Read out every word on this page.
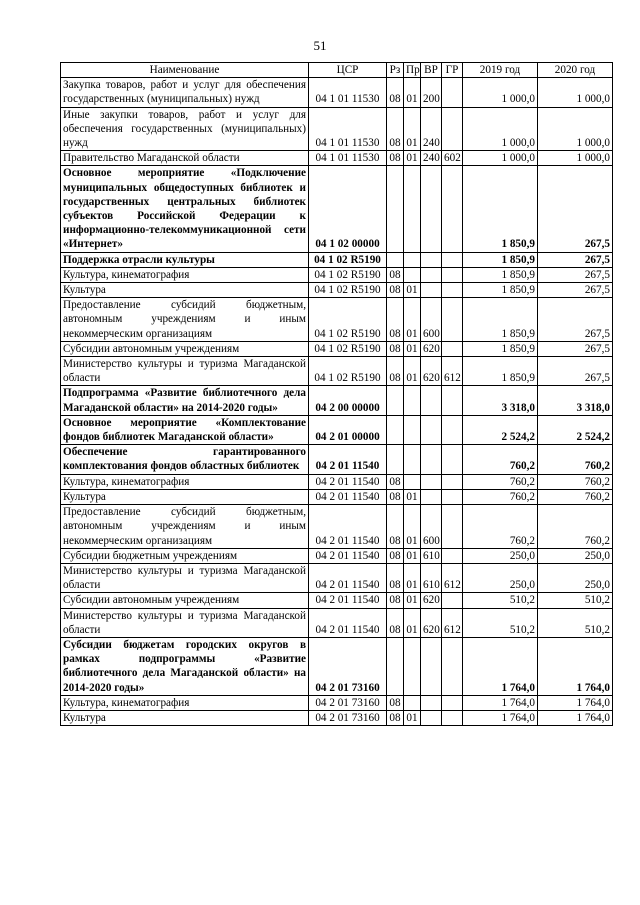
51
Наименование	ЦСР	Рз	Пр	ВР	ГР	2019 год	2020 год
Закупка товаров, работ и услуг для обеспечения государственных (муниципальных) нужд	04 1 01 11530	08	01	200		1 000,0	1 000,0
Иные закупки товаров, работ и услуг для обеспечения государственных (муниципальных) нужд	04 1 01 11530	08	01	240		1 000,0	1 000,0
Правительство Магаданской области	04 1 01 11530	08	01	240	602	1 000,0	1 000,0
Основное мероприятие «Подключение муниципальных общедоступных библиотек и государственных центральных библиотек субъектов Российской Федерации к информационно-телекоммуникационной сети «Интернет»	04 1 02 00000					1 850,9	267,5
Поддержка отрасли культуры	04 1 02 R5190					1 850,9	267,5
Культура, кинематография	04 1 02 R5190	08				1 850,9	267,5
Культура	04 1 02 R5190	08	01			1 850,9	267,5
Предоставление субсидий бюджетным, автономным учреждениям и иным некоммерческим организациям	04 1 02 R5190	08	01	600		1 850,9	267,5
Субсидии автономным учреждениям	04 1 02 R5190	08	01	620		1 850,9	267,5
Министерство культуры и туризма Магаданской области	04 1 02 R5190	08	01	620	612	1 850,9	267,5
Подпрограмма «Развитие библиотечного дела Магаданской области» на 2014-2020 годы»	04 2 00 00000					3 318,0	3 318,0
Основное мероприятие «Комплектование фондов библиотек Магаданской области»	04 2 01 00000					2 524,2	2 524,2
Обеспечение гарантированного комплектования фондов областных библиотек	04 2 01 11540					760,2	760,2
Культура, кинематография	04 2 01 11540	08				760,2	760,2
Культура	04 2 01 11540	08	01			760,2	760,2
Предоставление субсидий бюджетным, автономным учреждениям и иным некоммерческим организациям	04 2 01 11540	08	01	600		760,2	760,2
Субсидии бюджетным учреждениям	04 2 01 11540	08	01	610		250,0	250,0
Министерство культуры и туризма Магаданской области	04 2 01 11540	08	01	610	612	250,0	250,0
Субсидии автономным учреждениям	04 2 01 11540	08	01	620		510,2	510,2
Министерство культуры и туризма Магаданской области	04 2 01 11540	08	01	620	612	510,2	510,2
Субсидии бюджетам городских округов в рамках подпрограммы «Развитие библиотечного дела Магаданской области» на 2014-2020 годы»	04 2 01 73160					1 764,0	1 764,0
Культура, кинематография	04 2 01 73160	08				1 764,0	1 764,0
Культура	04 2 01 73160	08	01			1 764,0	1 764,0
